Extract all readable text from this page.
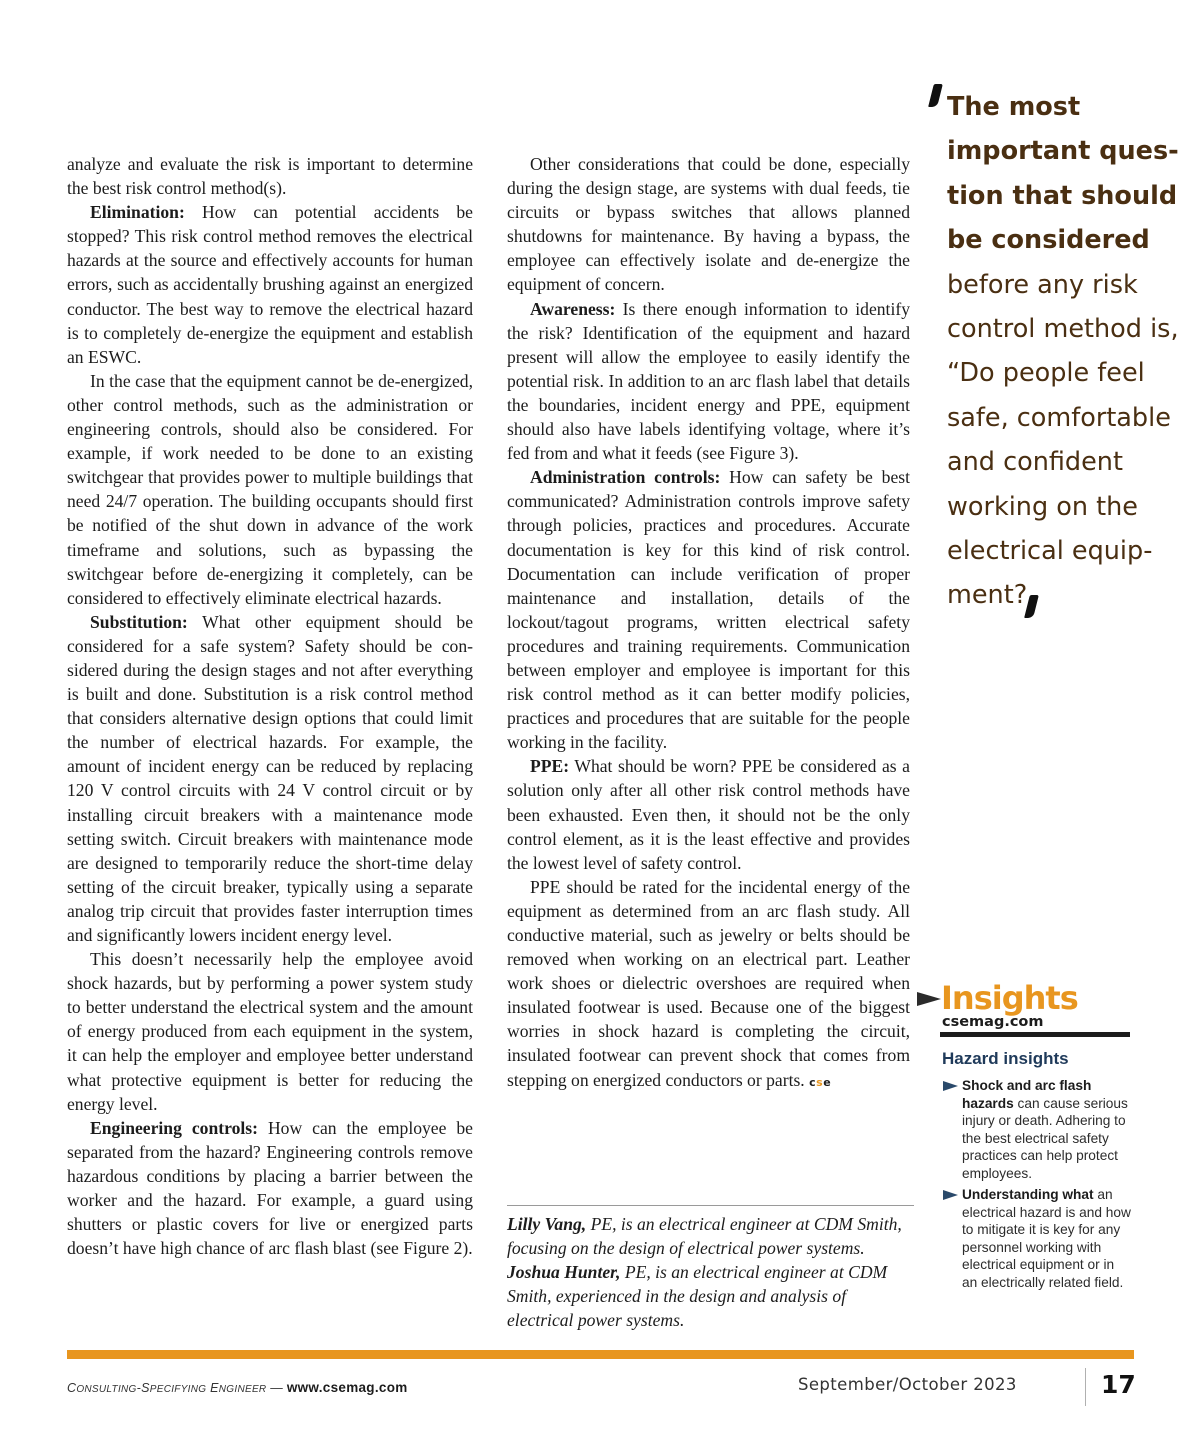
analyze and evaluate the risk is important to determine the best risk control method(s).

Elimination: How can potential accidents be stopped? This risk control method removes the electrical hazards at the source and effectively accounts for human errors, such as accidentally brushing against an energized conductor. The best way to remove the electrical hazard is to completely de-energize the equipment and establish an ESWC.

In the case that the equipment cannot be de-energized, other control methods, such as the administration or engineering controls, should also be considered. For example, if work needed to be done to an existing switchgear that provides power to multiple buildings that need 24/7 operation. The building occupants should first be notified of the shut down in advance of the work timeframe and solutions, such as bypassing the switchgear before de-energizing it completely, can be considered to effectively eliminate electrical hazards.

Substitution: What other equipment should be considered for a safe system? Safety should be considered during the design stages and not after everything is built and done. Substitution is a risk control method that considers alternative design options that could limit the number of electrical hazards. For example, the amount of incident energy can be reduced by replacing 120 V control circuits with 24 V control circuit or by installing circuit breakers with a maintenance mode setting switch. Circuit breakers with maintenance mode are designed to temporarily reduce the short-time delay setting of the circuit breaker, typically using a separate analog trip circuit that provides faster interruption times and significantly lowers incident energy level.

This doesn’t necessarily help the employee avoid shock hazards, but by performing a power system study to better understand the electrical system and the amount of energy produced from each equipment in the system, it can help the employer and employee better understand what protective equipment is better for reducing the energy level.

Engineering controls: How can the employee be separated from the hazard? Engineering controls remove hazardous conditions by placing a barrier between the worker and the hazard. For example, a guard using shutters or plastic covers for live or energized parts doesn’t have high chance of arc flash blast (see Figure 2).

Other considerations that could be done, especially during the design stage, are systems with dual feeds, tie circuits or bypass switches that allows planned shutdowns for maintenance. By having a bypass, the employee can effectively isolate and de-energize the equipment of concern.

Awareness: Is there enough information to identify the risk? Identification of the equipment and hazard present will allow the employee to easily identify the potential risk. In addition to an arc flash label that details the boundaries, incident energy and PPE, equipment should also have labels identifying voltage, where it’s fed from and what it feeds (see Figure 3).

Administration controls: How can safety be best communicated? Administration controls improve safety through policies, practices and procedures. Accurate documentation is key for this kind of risk control. Documentation can include verification of proper maintenance and installation, details of the lockout/tagout programs, written electrical safety procedures and training requirements. Communication between employer and employee is important for this risk control method as it can better modify policies, practices and procedures that are suitable for the people working in the facility.

PPE: What should be worn? PPE be considered as a solution only after all other risk control methods have been exhausted. Even then, it should not be the only control element, as it is the least effective and provides the lowest level of safety control.

PPE should be rated for the incidental energy of the equipment as determined from an arc flash study. All conductive material, such as jewelry or belts should be removed when working on an electrical part. Leather work shoes or dielectric overshoes are required when insulated footwear is used. Because one of the biggest worries in shock hazard is completing the circuit, insulated footwear can prevent shock that comes from stepping on energized conductors or parts. cse

Lilly Vang, PE, is an electrical engineer at CDM Smith, focusing on the design of electrical power systems. Joshua Hunter, PE, is an electrical engineer at CDM Smith, experienced in the design and analysis of electrical power systems.
The most important question that should be considered before any risk control method is, “Do people feel safe, comfortable and confident working on the electrical equipment?
Insights
csemag.com
Hazard insights
Shock and arc flash hazards can cause serious injury or death. Adhering to the best electrical safety practices can help protect employees.
Understanding what an electrical hazard is and how to mitigate it is key for any personnel working with electrical equipment or in an electrically related field.
CONSULTING-SPECIFYING ENGINEER — www.csemag.com	September/October 2023	17
